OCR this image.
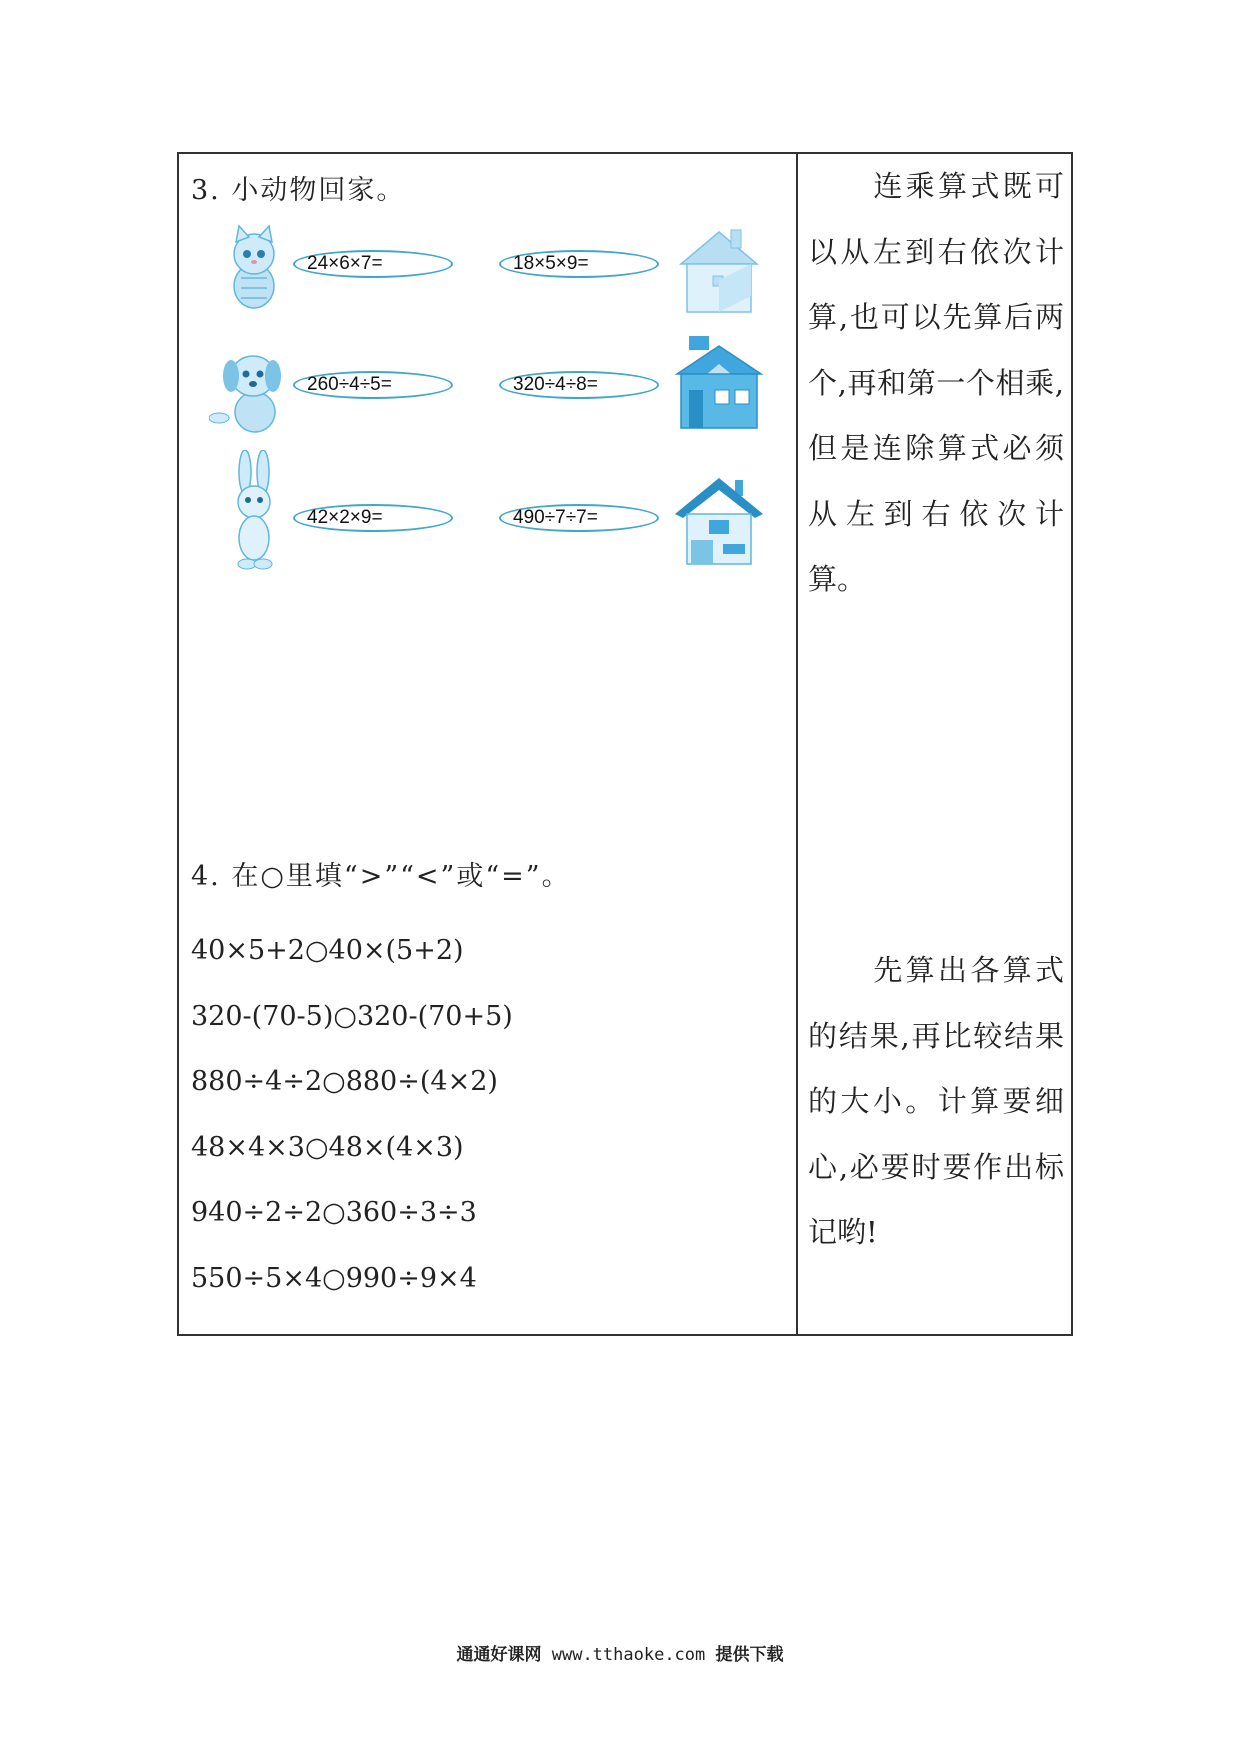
3. 小动物回家。
24×6×7=	18×5×9=
260÷4÷5=	320÷4÷8=
42×2×9=	490÷7÷7=
4. 在○里填“>”“<”或“=”。
40×5+2○40×(5+2)
320-(70-5)○320-(70+5)
880÷4÷2○880÷(4×2)
48×4×3○48×(4×3)
940÷2÷2○360÷3÷3
550÷5×4○990÷9×4

连乘算式既可以从左到右依次计算,也可以先算后两个,再和第一个相乘,但是连除算式必须从左到右依次计算。

先算出各算式的结果,再比较结果的大小。计算要细心,必要时要作出标记哟!

通通好课网 www.tthaoke.com 提供下载
